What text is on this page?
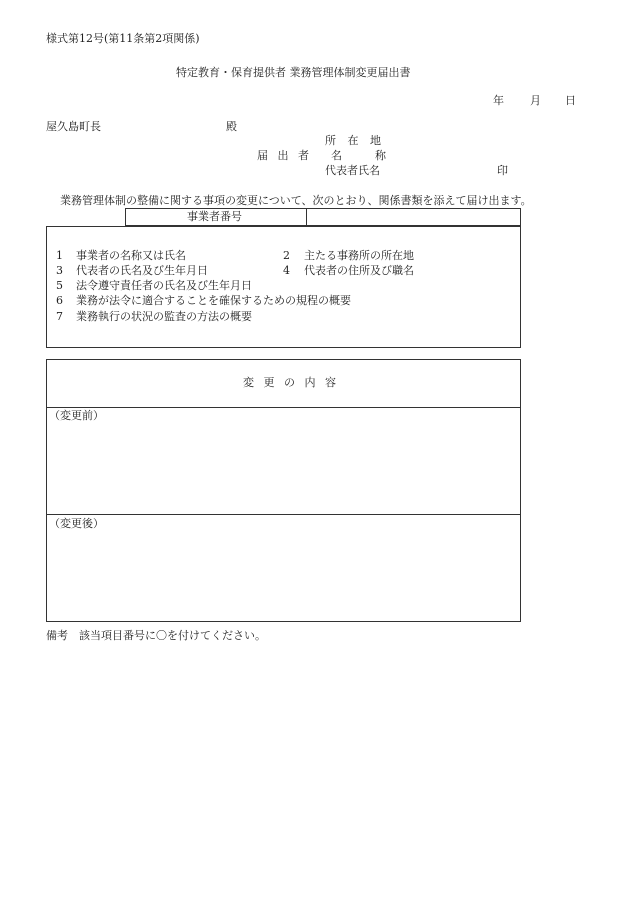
様式第12号(第11条第2項関係)
特定教育・保育提供者 業務管理体制変更届出書
年 月 日
屋久島町長	殿
所 在 地
届 出 者 名　　　称
代表者氏名	印
業務管理体制の整備に関する事項の変更について、次のとおり、関係書類を添えて届け出ます。
事業者番号
1 事業者の名称又は氏名	2 主たる事務所の所在地
3 代表者の氏名及び生年月日	4 代表者の住所及び職名
5 法令遵守責任者の氏名及び生年月日
6 業務が法令に適合することを確保するための規程の概要
7 業務執行の状況の監査の方法の概要
変 更 の 内 容
（変更前）
（変更後）
備考　該当項目番号に〇を付けてください。
